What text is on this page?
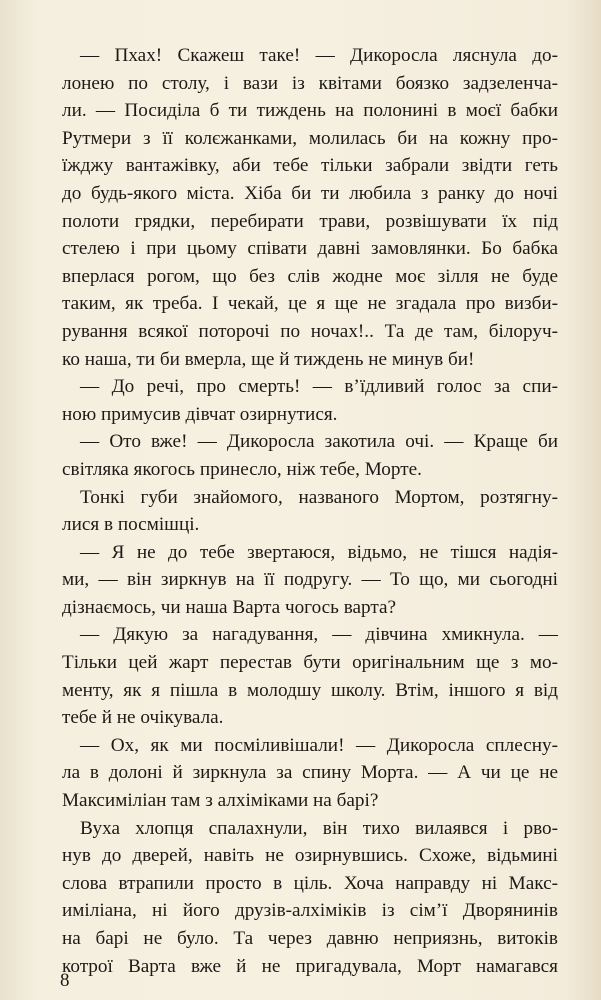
— Пхах! Скажеш таке! — Дикоросла ляснула до-
лонею по столу, і вази із квітами боязко задзеленча-
ли. — Посиділа б ти тиждень на полонині в моєї бабки
Рутмери з її колєжанками, молилась би на кожну про-
їжджу вантажівку, аби тебе тільки забрали звідти геть
до будь-якого міста. Хіба би ти любила з ранку до ночі
полоти грядки, перебирати трави, розвішувати їх під
стелею і при цьому співати давні замовлянки. Бо бабка
вперлася рогом, що без слів жодне моє зілля не буде
таким, як треба. І чекай, це я ще не згадала про визби-
рування всякої поторочі по ночах!.. Та де там, білоруч-
ко наша, ти би вмерла, ще й тиждень не минув би!
— До речі, про смерть! — в’їдливий голос за спи-
ною примусив дівчат озирнутися.
— Ото вже! — Дикоросла закотила очі. — Краще би
світляка якогось принесло, ніж тебе, Морте.
Тонкі губи знайомого, названого Мортом, розтягну-
лися в посмішці.
— Я не до тебе звертаюся, відьмо, не тішся надія-
ми, — він зиркнув на її подругу. — То що, ми сьогодні
дізнаємось, чи наша Варта чогось варта?
— Дякую за нагадування, — дівчина хмикнула. —
Тільки цей жарт перестав бути оригінальним ще з мо-
менту, як я пішла в молодшу школу. Втім, іншого я від
тебе й не очікувала.
— Ох, як ми посміливішали! — Дикоросла сплесну-
ла в долоні й зиркнула за спину Морта. — А чи це не
Максиміліан там з алхіміками на барі?
Вуха хлопця спалахнули, він тихо вилаявся і рво-
нув до дверей, навіть не озирнувшись. Схоже, відьмині
слова втрапили просто в ціль. Хоча направду ні Макс-
иміліана, ні його друзів-алхіміків із сім’ї Дворянинів
на барі не було. Та через давню неприязнь, витоків
котрої Варта вже й не пригадувала, Морт намагався
8
